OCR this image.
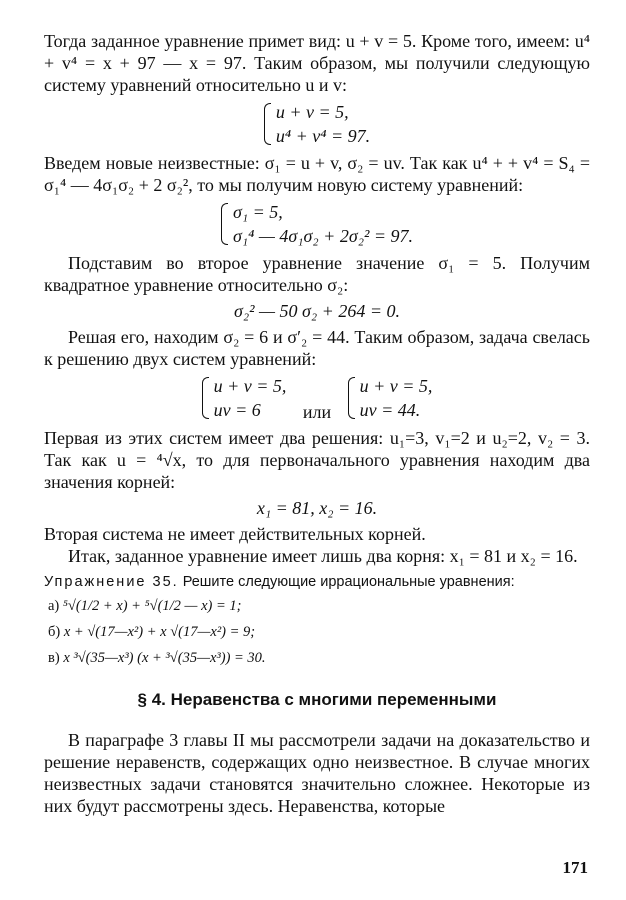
Тогда заданное уравнение примет вид: u + v = 5. Кроме того, имеем: u⁴ + v⁴ = x + 97 — x = 97. Таким образом, мы получили следующую систему уравнений относительно u и v:

u + v = 5,
u⁴ + v⁴ = 97.

Введем новые неизвестные: σ₁ = u + v, σ₂ = uv. Так как u⁴ + + v⁴ = S₄ = σ₁⁴ — 4σ₁σ₂ + 2 σ₂², то мы получим новую систему уравнений:

σ₁ = 5,
σ₁⁴ — 4σ₁σ₂ + 2σ₂² = 97.

Подставим во второе уравнение значение σ₁ = 5. Получим квадратное уравнение относительно σ₂:

σ₂² — 50 σ₂ + 264 = 0.

Решая его, находим σ₂ = 6 и σ′₂ = 44. Таким образом, задача свелась к решению двух систем уравнений:

u + v = 5,
uv = 6 или u + v = 5,
uv = 44.

Первая из этих систем имеет два решения: u₁=3, v₁=2 и u₂=2, v₂ = 3. Так как u = ⁴√x, то для первоначального уравнения находим два значения корней:

x₁ = 81, x₂ = 16.

Вторая система не имеет действительных корней.

Итак, заданное уравнение имеет лишь два корня: x₁ = 81 и x₂ = 16.

Упражнение 35. Решите следующие иррациональные уравнения:

а) ⁵√(1/2 + x) + ⁵√(1/2 — x) = 1;
б) x + √(17—x²) + x √(17—x²) = 9;
в) x ³√(35—x³) (x + ³√(35—x³)) = 30.
§ 4. Неравенства с многими переменными

В параграфе 3 главы II мы рассмотрели задачи на доказательство и решение неравенств, содержащих одно неизвестное. В случае многих неизвестных задачи становятся значительно сложнее. Некоторые из них будут рассмотрены здесь. Неравенства, которые

171
